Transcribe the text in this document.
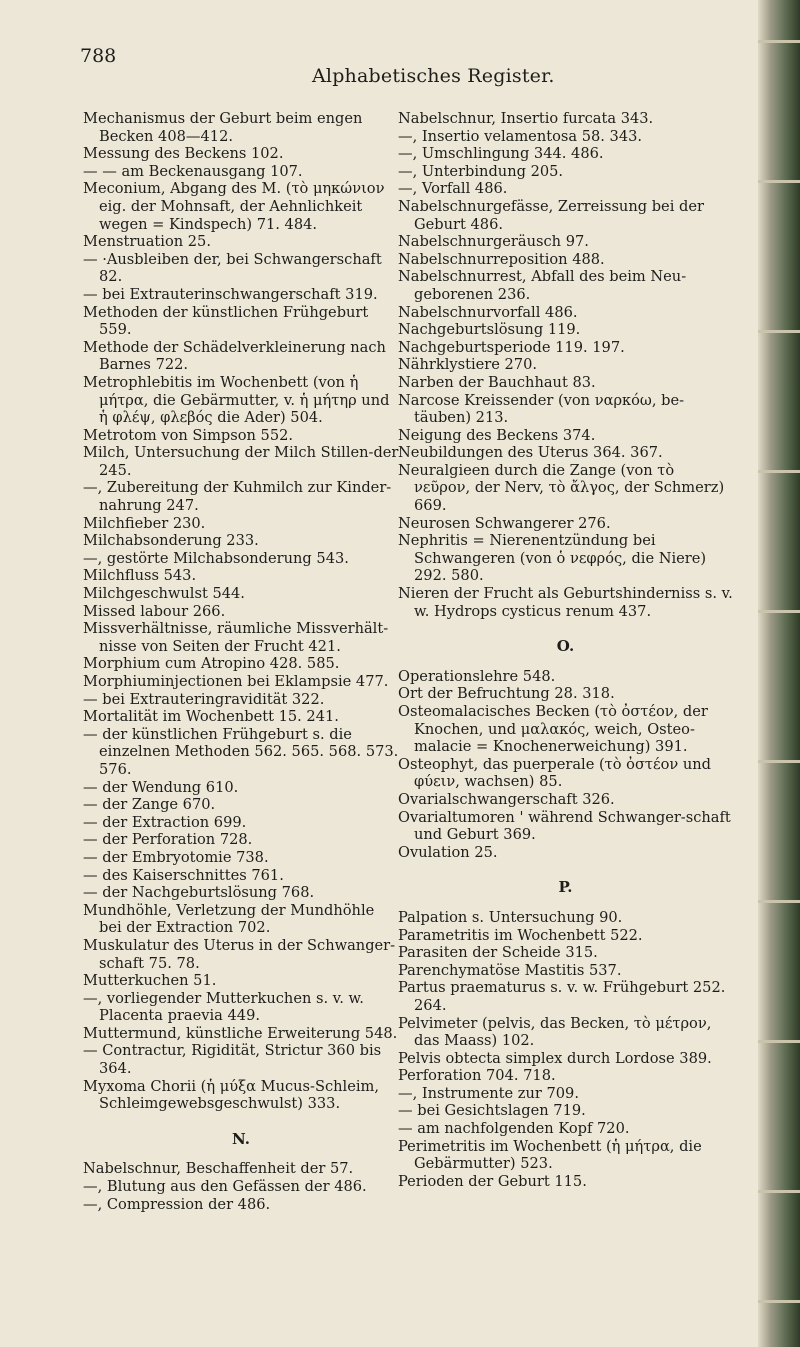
788
Alphabetisches Register.

Mechanismus der Geburt beim engen Becken 408—412.

Messung des Beckens 102.

— — am Beckenausgang 107.

Meconium, Abgang des M. (τὸ μηκώνιον eig. der Mohnsaft, der Aehnlichkeit wegen = Kindspech) 71. 484.

Menstruation 25.

— ·Ausbleiben der, bei Schwangerschaft 82.

— bei Extrauterinschwangerschaft 319.

Methoden der künstlichen Frühgeburt 559.

Methode der Schädelverkleinerung nach Barnes 722.

Metrophlebitis im Wochenbett (von ἡ μήτρα, die Gebärmutter, v. ἡ μήτηρ und ἡ φλέψ, φλεβός die Ader) 504.

Metrotom von Simpson 552.

Milch, Untersuchung der Milch Stillen-der 245.

—, Zubereitung der Kuhmilch zur Kinder-nahrung 247.

Milchfieber 230.

Milchabsonderung 233.

—, gestörte Milchabsonderung 543.

Milchfluss 543.

Milchgeschwulst 544.

Missed labour 266.

Missverhältnisse, räumliche Missverhält-nisse von Seiten der Frucht 421.

Morphium cum Atropino 428. 585.

Morphiuminjectionen bei Eklampsie 477.

— bei Extrauteringravidität 322.

Mortalität im Wochenbett 15. 241.

— der künstlichen Frühgeburt s. die einzelnen Methoden 562. 565. 568. 573. 576.

— der Wendung 610.

— der Zange 670.

— der Extraction 699.

— der Perforation 728.

— der Embryotomie 738.

— des Kaiserschnittes 761.

— der Nachgeburtslösung 768.

Mundhöhle, Verletzung der Mundhöhle bei der Extraction 702.

Muskulatur des Uterus in der Schwanger-schaft 75. 78.

Mutterkuchen 51.

—, vorliegender Mutterkuchen s. v. w. Placenta praevia 449.

Muttermund, künstliche Erweiterung 548.

— Contractur, Rigidität, Strictur 360 bis 364.

Myxoma Chorii (ἡ μύξα Mucus-Schleim, Schleimgewebsgeschwulst) 333.

N.

Nabelschnur, Beschaffenheit der 57.

—, Blutung aus den Gefässen der 486.

—, Compression der 486.

Nabelschnur, Insertio furcata 343.

—, Insertio velamentosa 58. 343.

—, Umschlingung 344. 486.

—, Unterbindung 205.

—, Vorfall 486.

Nabelschnurgefässe, Zerreissung bei der Geburt 486.

Nabelschnurgeräusch 97.

Nabelschnurreposition 488.

Nabelschnurrest, Abfall des beim Neu-geborenen 236.

Nabelschnurvorfall 486.

Nachgeburtslösung 119.

Nachgeburtsperiode 119. 197.

Nährklystiere 270.

Narben der Bauchhaut 83.

Narcose Kreissender (von ναρκόω, be-täuben) 213.

Neigung des Beckens 374.

Neubildungen des Uterus 364. 367.

Neuralgieen durch die Zange (von τὸ νεῦρον, der Nerv, τὸ ἄλγος, der Schmerz) 669.

Neurosen Schwangerer 276.

Nephritis = Nierenentzündung bei Schwangeren (von ὁ νεφρός, die Niere) 292. 580.

Nieren der Frucht als Geburtshinderniss s. v. w. Hydrops cysticus renum 437.

O.

Operationslehre 548.

Ort der Befruchtung 28. 318.

Osteomalacisches Becken (τὸ ὀστέον, der Knochen, und μαλακός, weich, Osteo-malacie = Knochenerweichung) 391.

Osteophyt, das puerperale (τὸ ὀστέον und φύειν, wachsen) 85.

Ovarialschwangerschaft 326.

Ovarialtumoren ' während Schwanger-schaft und Geburt 369.

Ovulation 25.

P.

Palpation s. Untersuchung 90.

Parametritis im Wochenbett 522.

Parasiten der Scheide 315.

Parenchymatöse Mastitis 537.

Partus praematurus s. v. w. Frühgeburt 252. 264.

Pelvimeter (pelvis, das Becken, τὸ μέτρον, das Maass) 102.

Pelvis obtecta simplex durch Lordose 389.

Perforation 704. 718.

—, Instrumente zur 709.

— bei Gesichtslagen 719.

— am nachfolgenden Kopf 720.

Perimetritis im Wochenbett (ἡ μήτρα, die Gebärmutter) 523.

Perioden der Geburt 115.
